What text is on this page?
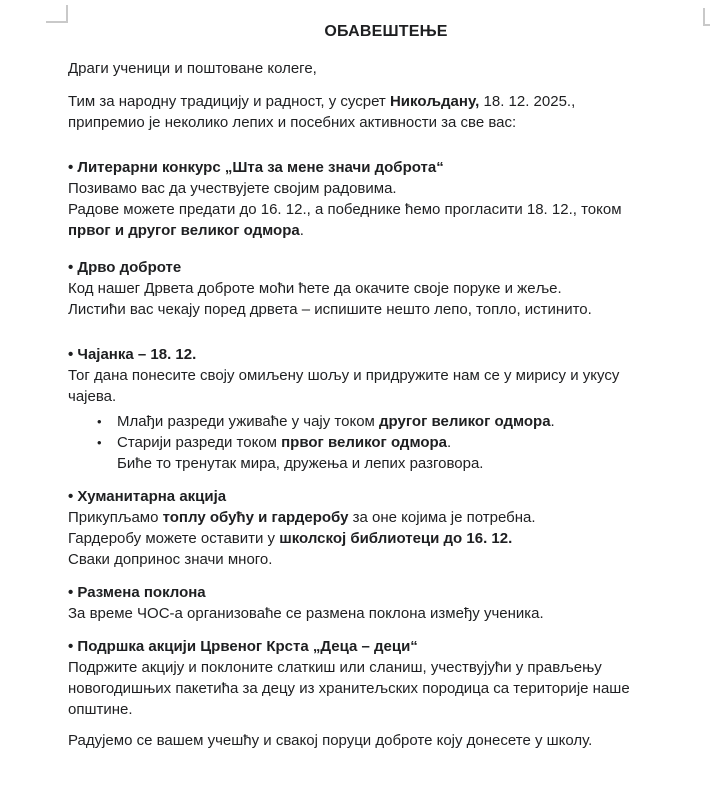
ОБАВЕШТЕЊЕ
Драги ученици и поштоване колеге,
Тим за народну традицију и радност, у сусрет Никољдану, 18. 12. 2025.,
припремио је неколико лепих и посебних активности за све вас:
• Литерарни конкурс „Шта за мене значи доброта“
Позивамо вас да учествујете својим радовима.
Радове можете предати до 16. 12., а победнике ћемо прогласити 18. 12., током
првог и другог великог одмора.
• Дрво доброте
Код нашег Дрвета доброте моћи ћете да окачите своје поруке и жеље.
Листићи вас чекају поред дрвета – испишите нешто лепо, топло, истинито.
• Чајанка – 18. 12.
Тог дана понесите своју омиљену шољу и придружите нам се у мирису и укусу
чајева.
• Млађи разреди уживаће у чају током другог великог одмора.
• Старији разреди током првог великог одмора.
Биће то тренутак мира, дружења и лепих разговора.
• Хуманитарна акција
Прикупљамо топлу обућу и гардеробу за оне којима је потребна.
Гардеробу можете оставити у школској библиотеци до 16. 12.
Сваки допринос значи много.
• Размена поклона
За време ЧОС-а организоваће се размена поклона између ученика.
• Подршка акцији Црвеног Крста „Деца – деци“
Подржите акцију и поклоните слаткиш или сланиш, учествујући у прављењу
новогодишњих пакетића за децу из хранитељских породица са територије наше
општине.
Радујемо се вашем учешћу и свакој поруци доброте коју донесете у школу.
